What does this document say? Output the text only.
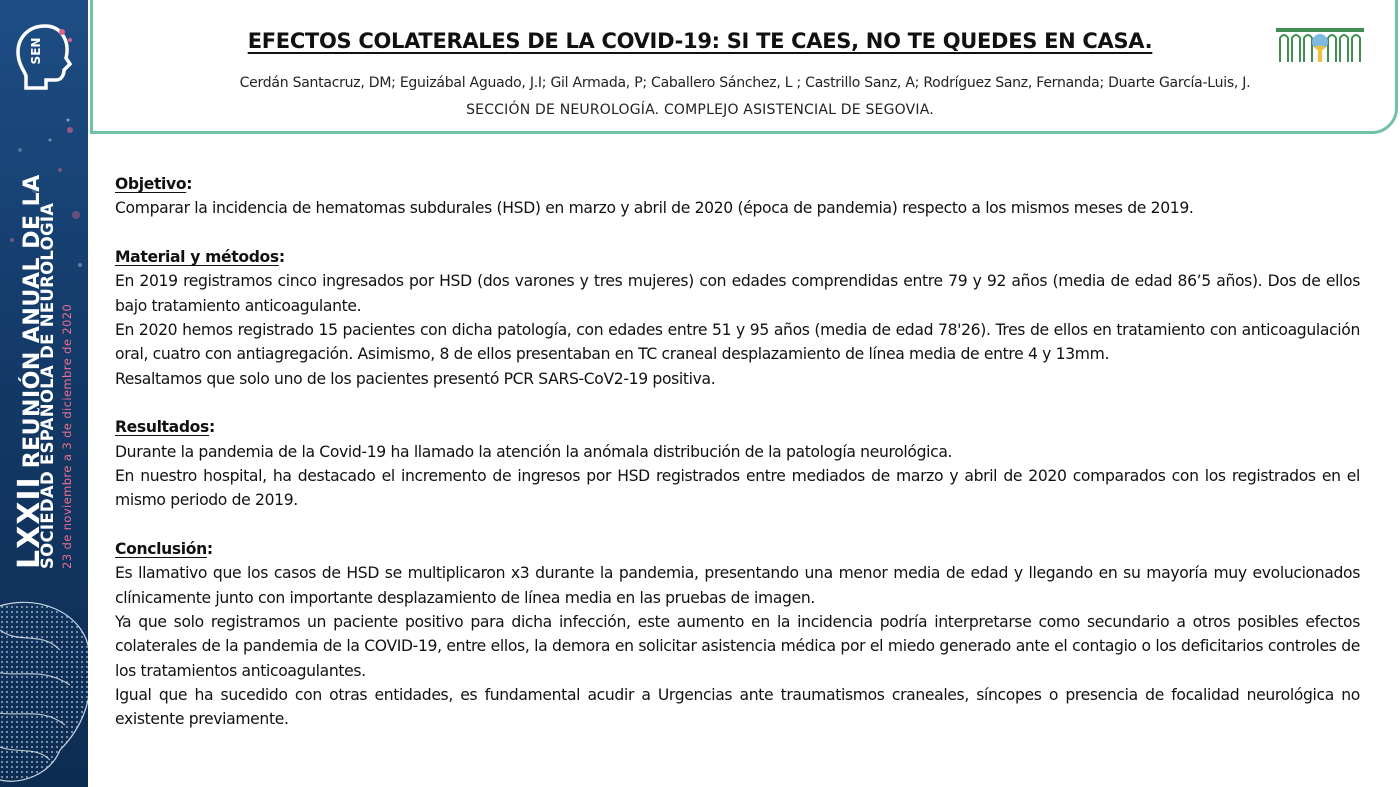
SEN
LXXIIREUNIÓN ANUAL DE LA
SOCIEDAD ESPAÑOLA DE NEUROLOGÍA 23 de noviembre a 3 de diciembre de 2020
EFECTOS COLATERALES DE LA COVID-19: SI TE CAES, NO TE QUEDES EN CASA.
Cerdán Santacruz, DM; Eguizábal Aguado, J.I; Gil Armada, P; Caballero Sánchez, L ; Castrillo Sanz, A; Rodríguez Sanz, Fernanda; Duarte García-Luis, J.
SECCIÓN DE NEUROLOGÍA. COMPLEJO ASISTENCIAL DE SEGOVIA.
Objetivo:
Comparar la incidencia de hematomas subdurales (HSD) en marzo y abril de 2020 (época de pandemia) respecto a los mismos meses de 2019.
Material y métodos:
En 2019 registramos cinco ingresados por HSD (dos varones y tres mujeres) con edades comprendidas entre 79 y 92 años (media de edad 86’5 años). Dos de ellos bajo tratamiento anticoagulante.
En 2020 hemos registrado 15 pacientes con dicha patología, con edades entre 51 y 95 años (media de edad 78'26). Tres de ellos en tratamiento con anticoagulación oral, cuatro con antiagregación. Asimismo, 8 de ellos presentaban en TC craneal desplazamiento de línea media de entre 4 y 13mm.
Resaltamos que solo uno de los pacientes presentó PCR SARS-CoV2-19 positiva.
Resultados:
Durante la pandemia de la Covid-19 ha llamado la atención la anómala distribución de la patología neurológica.
En nuestro hospital, ha destacado el incremento de ingresos por HSD registrados entre mediados de marzo y abril de 2020 comparados con los registrados en el mismo periodo de 2019.
Conclusión:
Es llamativo que los casos de HSD se multiplicaron x3 durante la pandemia, presentando una menor media de edad y llegando en su mayoría muy evolucionados clínicamente junto con importante desplazamiento de línea media en las pruebas de imagen.
Ya que solo registramos un paciente positivo para dicha infección, este aumento en la incidencia podría interpretarse como secundario a otros posibles efectos colaterales de la pandemia de la COVID-19, entre ellos, la demora en solicitar asistencia médica por el miedo generado ante el contagio o los deficitarios controles de los tratamientos anticoagulantes.
Igual que ha sucedido con otras entidades, es fundamental acudir a Urgencias ante traumatismos craneales, síncopes o presencia de focalidad neurológica no existente previamente.
